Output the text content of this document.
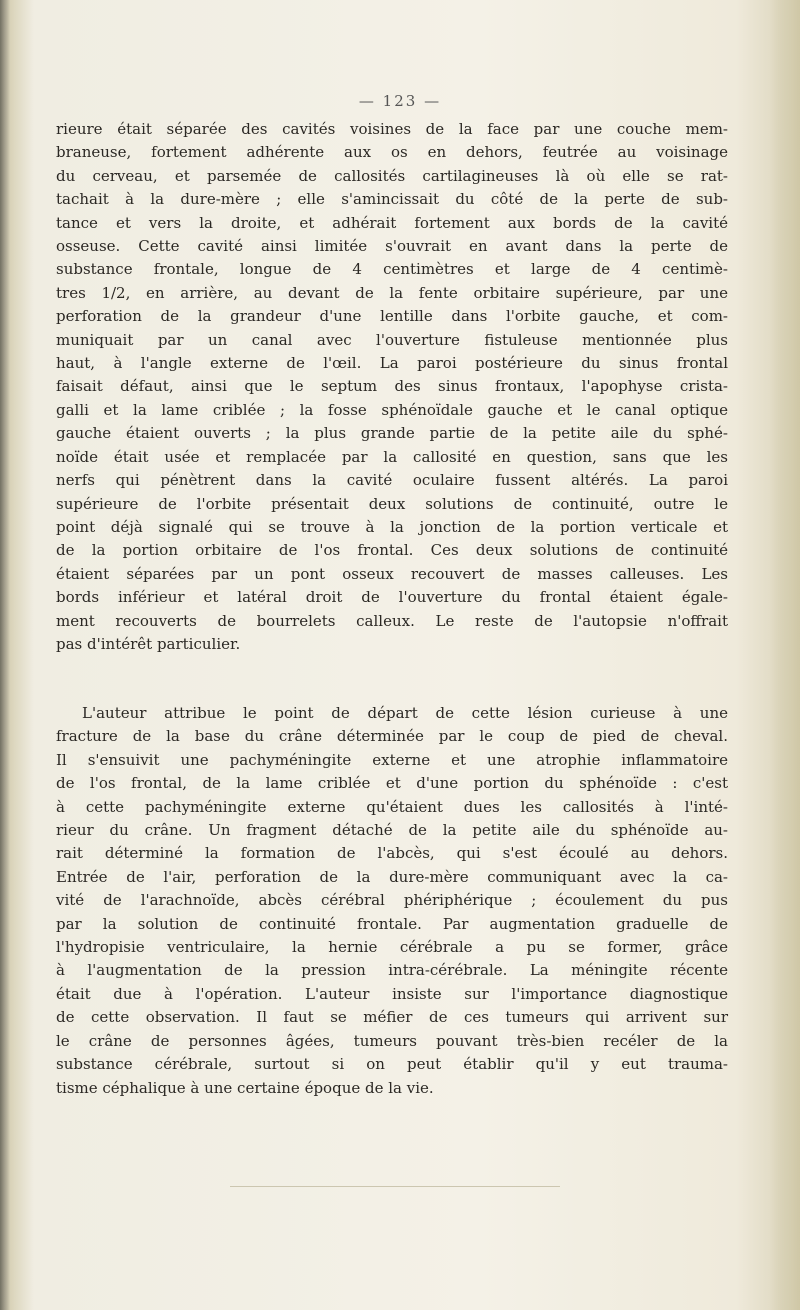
— 123 —
rieure était séparée des cavités voisines de la face par une couche mem-
braneuse, fortement adhérente aux os en dehors, feutrée au voisinage
du cerveau, et parsemée de callosités cartilagineuses là où elle se rat-
tachait à la dure-mère ; elle s'amincissait du côté de la perte de sub-
tance et vers la droite, et adhérait fortement aux bords de la cavité
osseuse. Cette cavité ainsi limitée s'ouvrait en avant dans la perte de
substance frontale, longue de 4 centimètres et large de 4 centimè-
tres 1/2, en arrière, au devant de la fente orbitaire supérieure, par une
perforation de la grandeur d'une lentille dans l'orbite gauche, et com-
muniquait par un canal avec l'ouverture fistuleuse mentionnée plus
haut, à l'angle externe de l'œil. La paroi postérieure du sinus frontal
faisait défaut, ainsi que le septum des sinus frontaux, l'apophyse crista-
galli et la lame criblée ; la fosse sphénoïdale gauche et le canal optique
gauche étaient ouverts ; la plus grande partie de la petite aile du sphé-
noïde était usée et remplacée par la callosité en question, sans que les
nerfs qui pénètrent dans la cavité oculaire fussent altérés. La paroi
supérieure de l'orbite présentait deux solutions de continuité, outre le
point déjà signalé qui se trouve à la jonction de la portion verticale et
de la portion orbitaire de l'os frontal. Ces deux solutions de continuité
étaient séparées par un pont osseux recouvert de masses calleuses. Les
bords inférieur et latéral droit de l'ouverture du frontal étaient égale-
ment recouverts de bourrelets calleux. Le reste de l'autopsie n'offrait
pas d'intérêt particulier.
L'auteur attribue le point de départ de cette lésion curieuse à une
fracture de la base du crâne déterminée par le coup de pied de cheval.
Il s'ensuivit une pachyméningite externe et une atrophie inflammatoire
de l'os frontal, de la lame criblée et d'une portion du sphénoïde : c'est
à cette pachyméningite externe qu'étaient dues les callosités à l'inté-
rieur du crâne. Un fragment détaché de la petite aile du sphénoïde au-
rait déterminé la formation de l'abcès, qui s'est écoulé au dehors.
Entrée de l'air, perforation de la dure-mère communiquant avec la ca-
vité de l'arachnoïde, abcès cérébral phériphérique ; écoulement du pus
par la solution de continuité frontale. Par augmentation graduelle de
l'hydropisie ventriculaire, la hernie cérébrale a pu se former, grâce
à l'augmentation de la pression intra-cérébrale. La méningite récente
était due à l'opération. L'auteur insiste sur l'importance diagnostique
de cette observation. Il faut se méfier de ces tumeurs qui arrivent sur
le crâne de personnes âgées, tumeurs pouvant très-bien recéler de la
substance cérébrale, surtout si on peut établir qu'il y eut trauma-
tisme céphalique à une certaine époque de la vie.
